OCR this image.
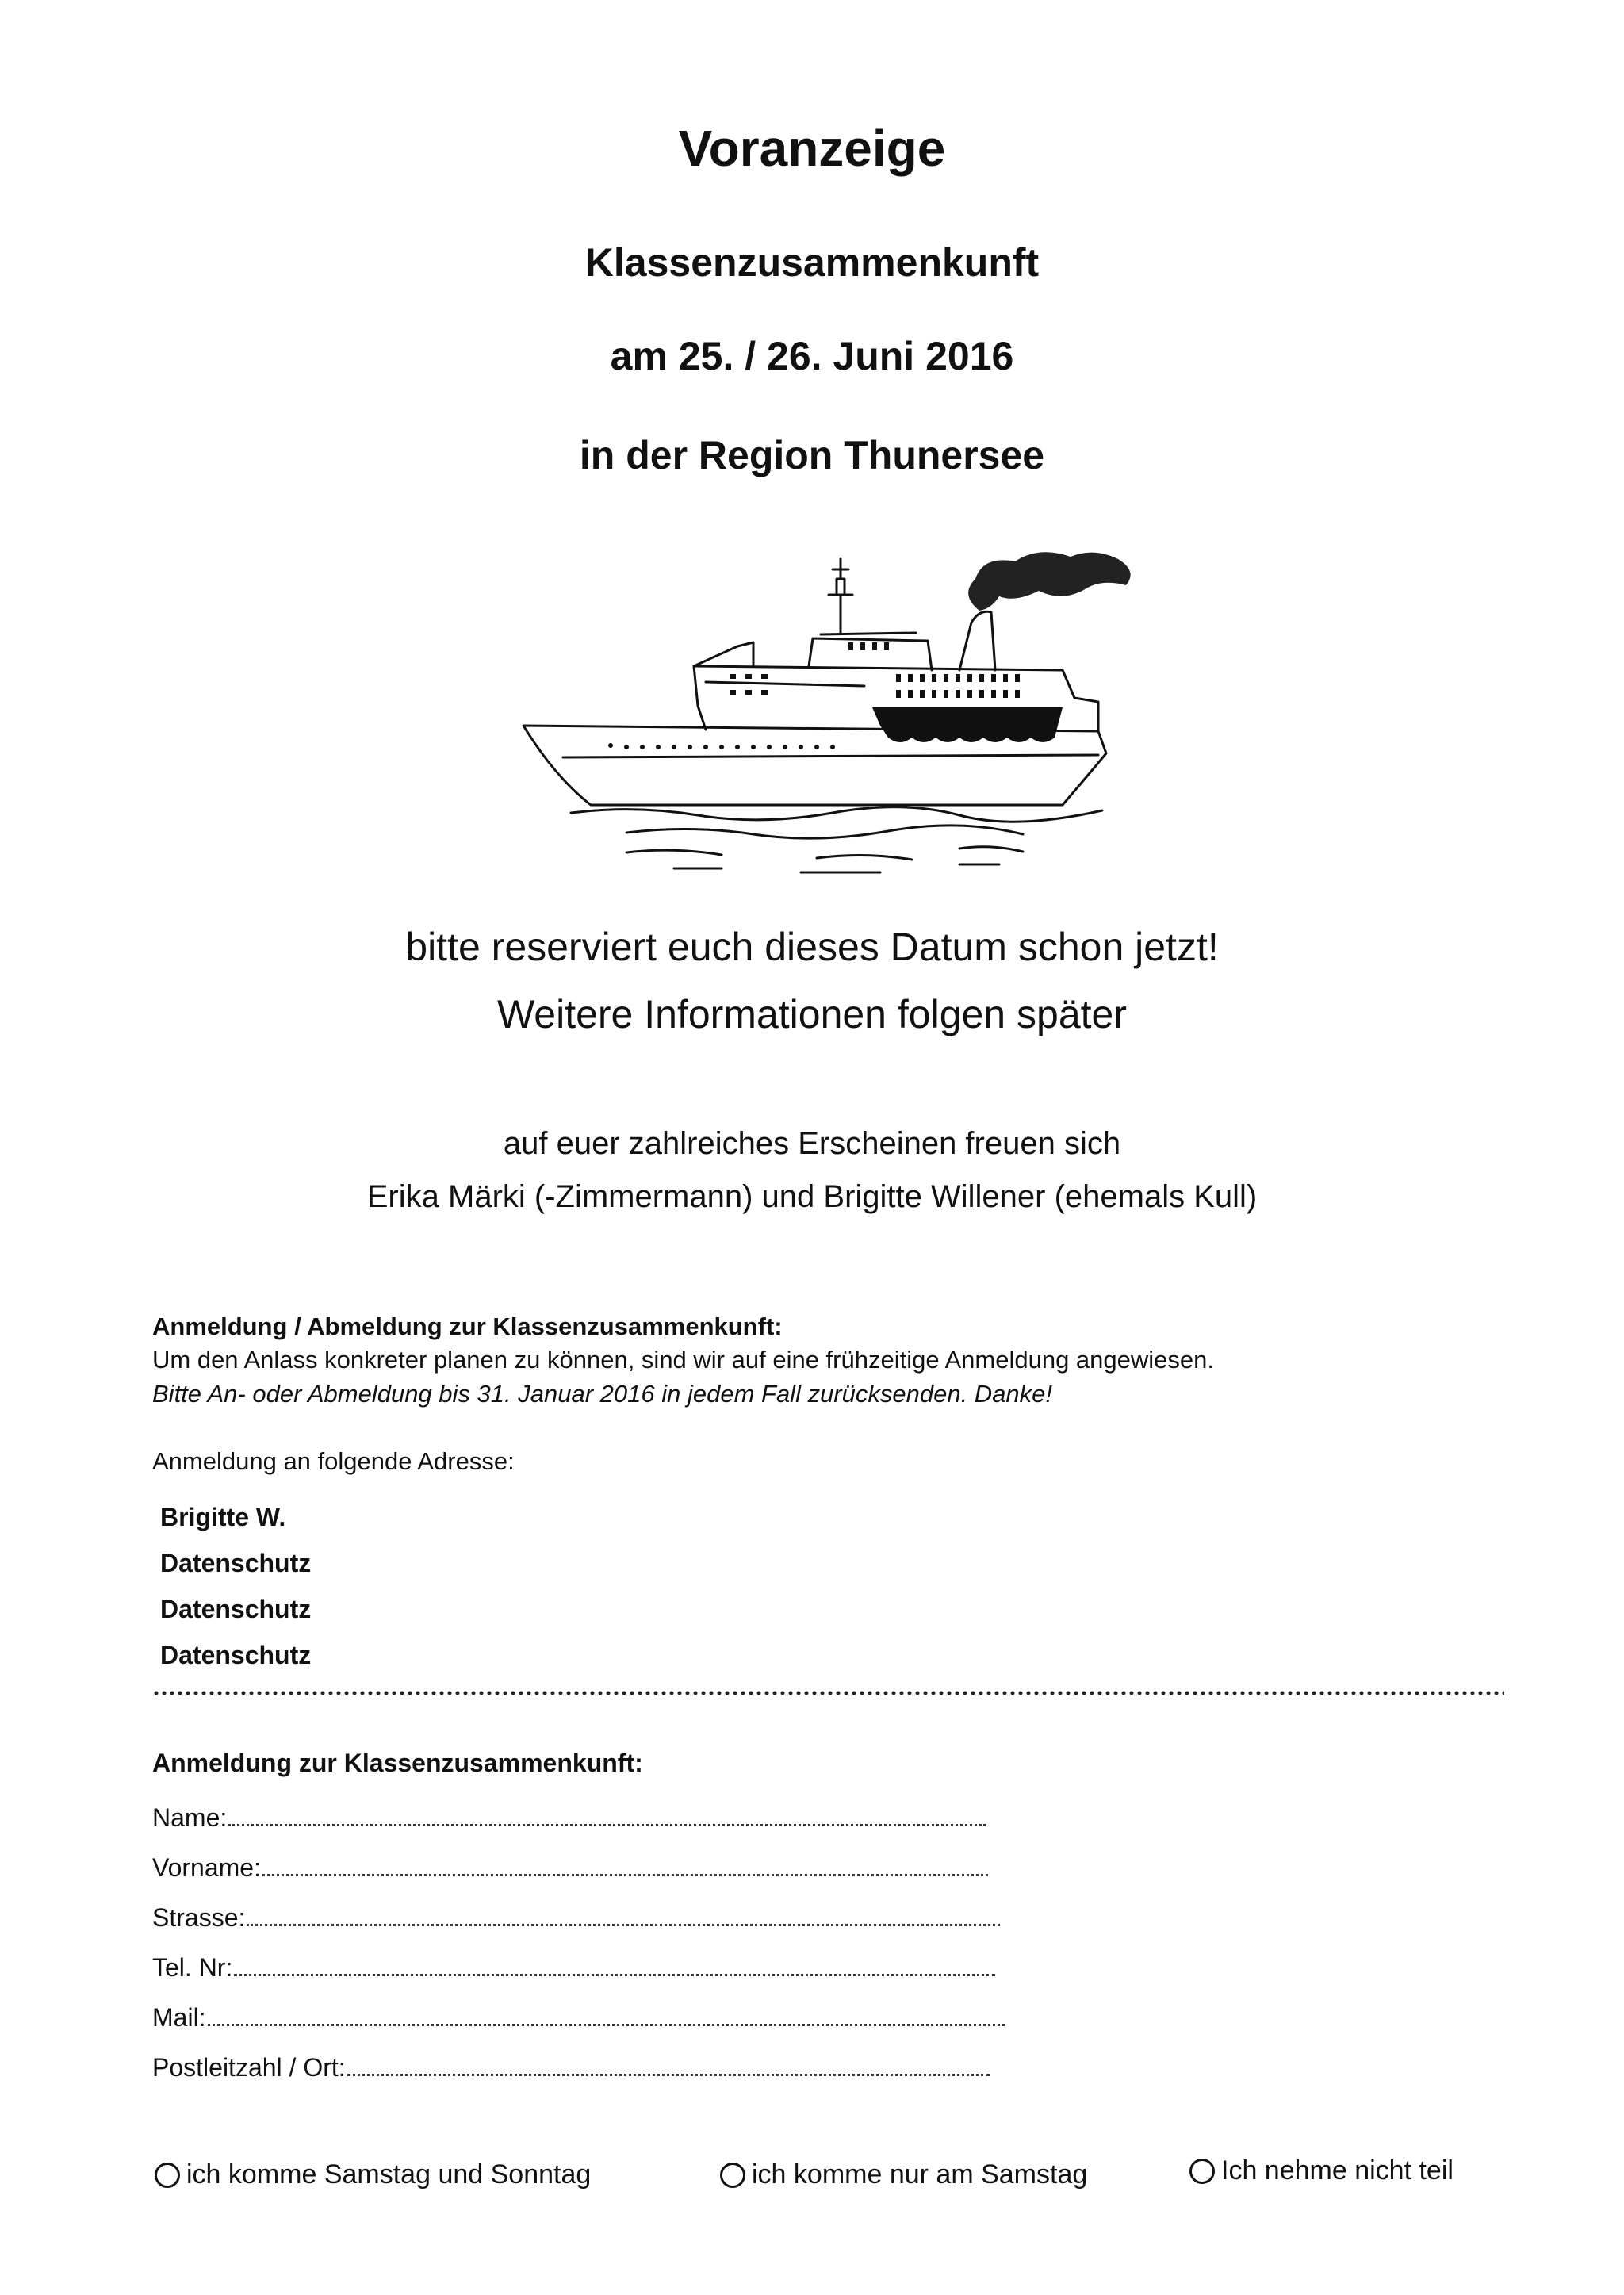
Voranzeige
Klassenzusammenkunft
am 25. / 26. Juni 2016
in der Region Thunersee
bitte reserviert euch dieses Datum schon jetzt!
Weitere Informationen folgen später
auf euer zahlreiches Erscheinen freuen sich
Erika Märki (-Zimmermann) und Brigitte Willener (ehemals Kull)
Anmeldung / Abmeldung zur Klassenzusammenkunft:
Um den Anlass konkreter planen zu können, sind wir auf eine frühzeitige Anmeldung angewiesen.
Bitte An- oder Abmeldung bis 31. Januar 2016 in jedem Fall zurücksenden. Danke!
Anmeldung an folgende Adresse:
Brigitte W.
Datenschutz
Datenschutz
Datenschutz
Anmeldung zur Klassenzusammenkunft:
Name:
Vorname:
Strasse:
Tel. Nr:
Mail:
Postleitzahl / Ort:
ich komme Samstag und Sonntag	ich komme nur am Samstag	Ich nehme nicht teil
